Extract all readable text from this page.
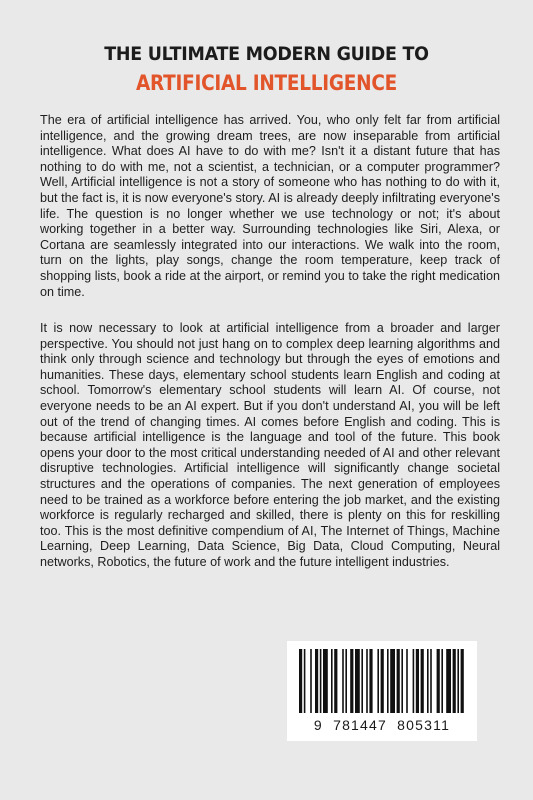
THE ULTIMATE MODERN GUIDE TO
ARTIFICIAL INTELLIGENCE

The era of artificial intelligence has arrived. You, who only felt far from artificial intelligence, and the growing dream trees, are now inseparable from artificial intelligence. What does AI have to do with me? Isn't it a distant future that has nothing to do with me, not a scientist, a technician, or a computer programmer? Well, Artificial intelligence is not a story of someone who has nothing to do with it, but the fact is, it is now everyone's story. AI is already deeply infiltrating everyone's life. The question is no longer whether we use technology or not; it's about working together in a better way. Surrounding technologies like Siri, Alexa, or Cortana are seamlessly integrated into our interactions. We walk into the room, turn on the lights, play songs, change the room temperature, keep track of shopping lists, book a ride at the airport, or remind you to take the right medication on time.

It is now necessary to look at artificial intelligence from a broader and larger perspective. You should not just hang on to complex deep learning algorithms and think only through science and technology but through the eyes of emotions and humanities. These days, elementary school students learn English and coding at school. Tomorrow's elementary school students will learn AI. Of course, not everyone needs to be an AI expert. But if you don't understand AI, you will be left out of the trend of changing times. AI comes before English and coding. This is because artificial intelligence is the language and tool of the future. This book opens your door to the most critical understanding needed of AI and other relevant disruptive technologies. Artificial intelligence will significantly change societal structures and the operations of companies. The next generation of employees need to be trained as a workforce before entering the job market, and the existing workforce is regularly recharged and skilled, there is plenty on this for reskilling too. This is the most definitive compendium of AI, The Internet of Things, Machine Learning, Deep Learning, Data Science, Big Data, Cloud Computing, Neural networks, Robotics, the future of work and the future intelligent industries.

9  781447  805311
